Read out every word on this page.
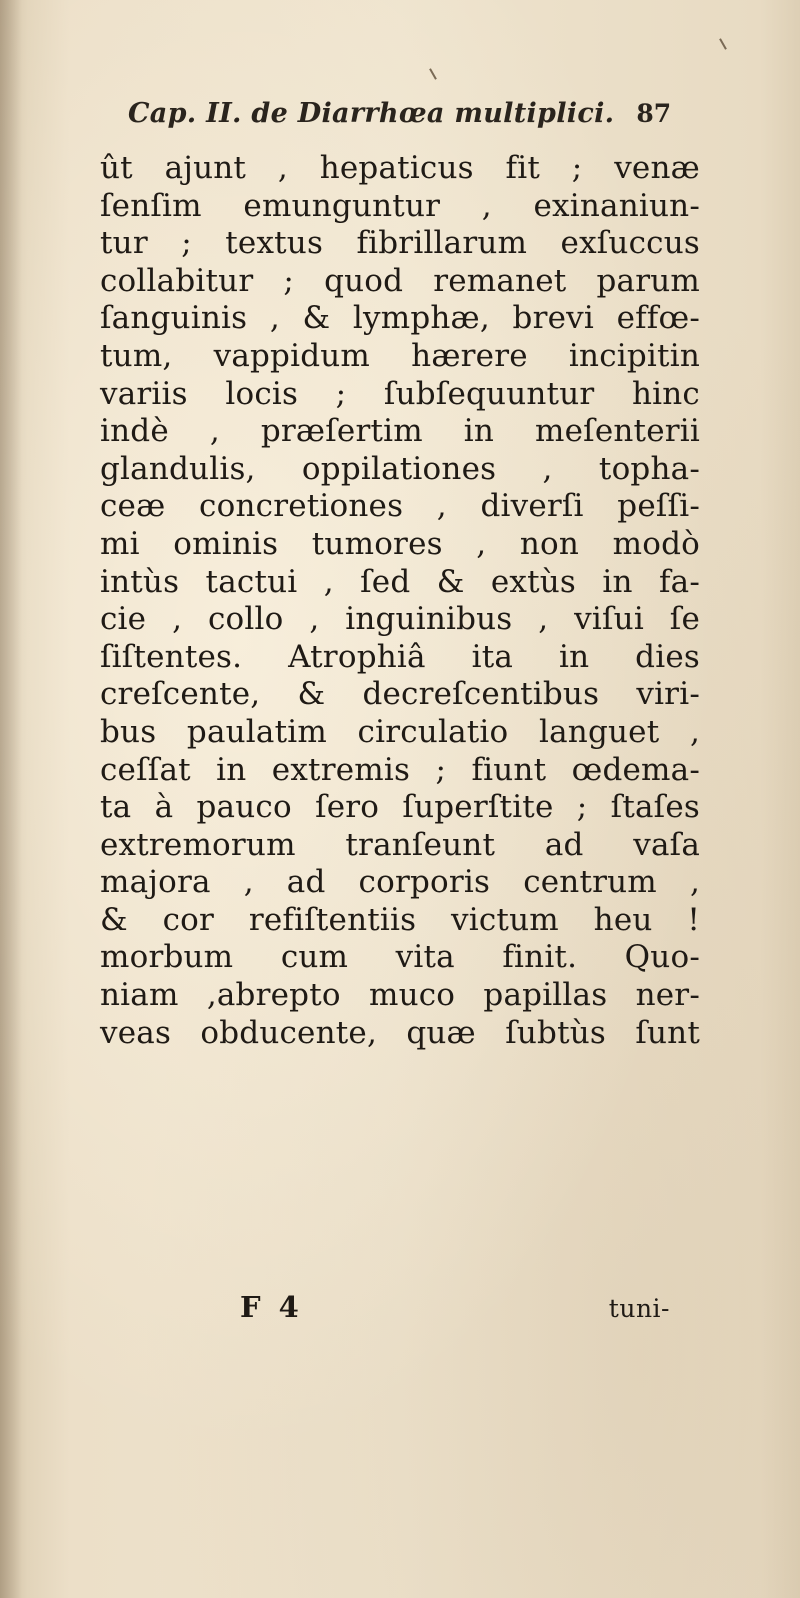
Cap. II. de Diarrhœa multiplici. 87
ût ajunt , hepaticus fit ; venæ
ſenſim emunguntur , exinaniun-
tur ; textus fibrillarum exſuccus
collabitur ; quod remanet parum
ſanguinis , & lymphæ, brevi effœ-
tum, vappidum hærere incipitin
variis locis ; ſubſequuntur hinc
indè , præſertim in meſenterii
glandulis, oppilationes , topha-
ceæ concretiones , diverſi peſſi-
mi ominis tumores , non modò
intùs tactui , ſed & extùs in fa-
cie , collo , inguinibus , viſui ſe
ſiſtentes. Atrophiâ ita in dies
creſcente, & decreſcentibus viri-
bus paulatim circulatio languet ,
ceſſat in extremis ; fiunt œdema-
ta à pauco ſero ſuperſtite ; ſtaſes
extremorum tranſeunt ad vaſa
majora , ad corporis centrum ,
& cor refiſtentiis victum heu !
morbum cum vita finit. Quo-
niam ,abrepto muco papillas ner-
veas obducente, quæ ſubtùs ſunt
F 4	tuni-
